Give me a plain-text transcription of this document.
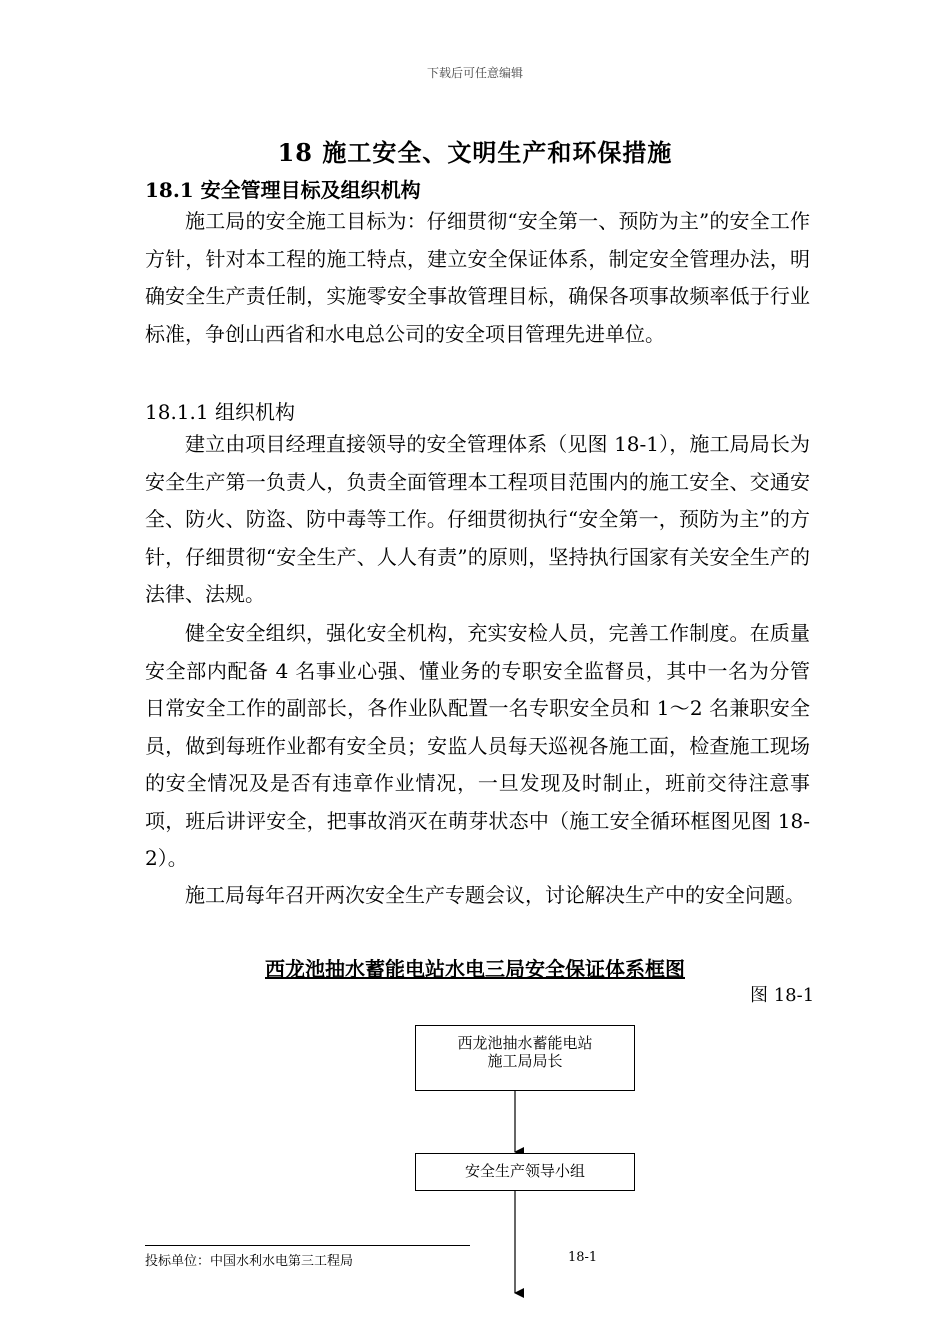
下载后可任意编辑
18 施工安全、文明生产和环保措施
18.1 安全管理目标及组织机构

施工局的安全施工目标为：仔细贯彻“安全第一、预防为主”的安全工作方针，针对本工程的施工特点，建立安全保证体系，制定安全管理办法，明确安全生产责任制，实施零安全事故管理目标，确保各项事故频率低于行业标准，争创山西省和水电总公司的安全项目管理先进单位。

18.1.1 组织机构

建立由项目经理直接领导的安全管理体系（见图 18-1），施工局局长为安全生产第一负责人，负责全面管理本工程项目范围内的施工安全、交通安全、防火、防盗、防中毒等工作。仔细贯彻执行“安全第一，预防为主”的方针，仔细贯彻“安全生产、人人有责”的原则，坚持执行国家有关安全生产的法律、法规。

健全安全组织，强化安全机构，充实安检人员，完善工作制度。在质量安全部内配备 4 名事业心强、懂业务的专职安全监督员，其中一名为分管日常安全工作的副部长，各作业队配置一名专职安全员和 1～2 名兼职安全员，做到每班作业都有安全员；安监人员每天巡视各施工面，检查施工现场的安全情况及是否有违章作业情况，一旦发现及时制止，班前交待注意事项，班后讲评安全，把事故消灭在萌芽状态中（施工安全循环框图见图 18-2）。

施工局每年召开两次安全生产专题会议，讨论解决生产中的安全问题。

西龙池抽水蓄能电站水电三局安全保证体系框图
图 18-1
西龙池抽水蓄能电站
施工局局长
安全生产领导小组
投标单位：中国水利水电第三工程局	18-1
